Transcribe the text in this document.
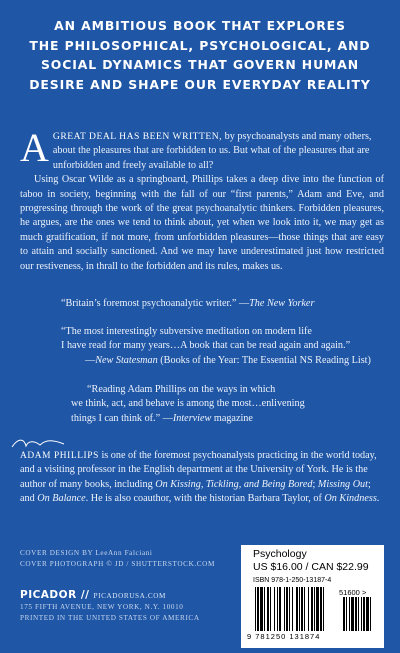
AN AMBITIOUS BOOK THAT EXPLORES
THE PHILOSOPHICAL, PSYCHOLOGICAL, AND
SOCIAL DYNAMICS THAT GOVERN HUMAN
DESIRE AND SHAPE OUR EVERYDAY REALITY

AGREAT DEAL HAS BEEN WRITTEN, by psychoanalysts and many others, about the pleasures that are forbidden to us. But what of the pleasures that are unforbidden and freely available to all?

Using Oscar Wilde as a springboard, Phillips takes a deep dive into the function of taboo in society, beginning with the fall of our “first parents,” Adam and Eve, and progressing through the work of the great psychoanalytic thinkers. Forbidden pleasures, he argues, are the ones we tend to think about, yet when we look into it, we may get as much gratification, if not more, from unforbidden pleasures—those things that are easy to attain and socially sanctioned. And we may have underestimated just how restricted our restiveness, in thrall to the forbidden and its rules, makes us.

“Britain’s foremost psychoanalytic writer.” —The New Yorker
“The most interestingly subversive meditation on modern life
I have read for many years…A book that can be read again and again.”
—New Statesman (Books of the Year: The Essential NS Reading List)
“Reading Adam Phillips on the ways in which
we think, act, and behave is among the most…enlivening
things I can think of.” —Interview magazine
ADAM PHILLIPS is one of the foremost psychoanalysts practicing in the world today, and a visiting professor in the English department at the University of York. He is the author of many books, including On Kissing, Tickling, and Being Bored; Missing Out; and On Balance. He is also coauthor, with the historian Barbara Taylor, of On Kindness.
COVER DESIGN BY LeeAnn Falciani
COVER PHOTOGRAPH © JD / SHUTTERSTOCK.COM
PICADOR // PICADORUSA.COM
175 FIFTH AVENUE, NEW YORK, N.Y. 10010
PRINTED IN THE UNITED STATES OF AMERICA
Psychology
US $16.00 / CAN $22.99
ISBN 978-1-250-13187-4
51600 >
9 781250 131874
